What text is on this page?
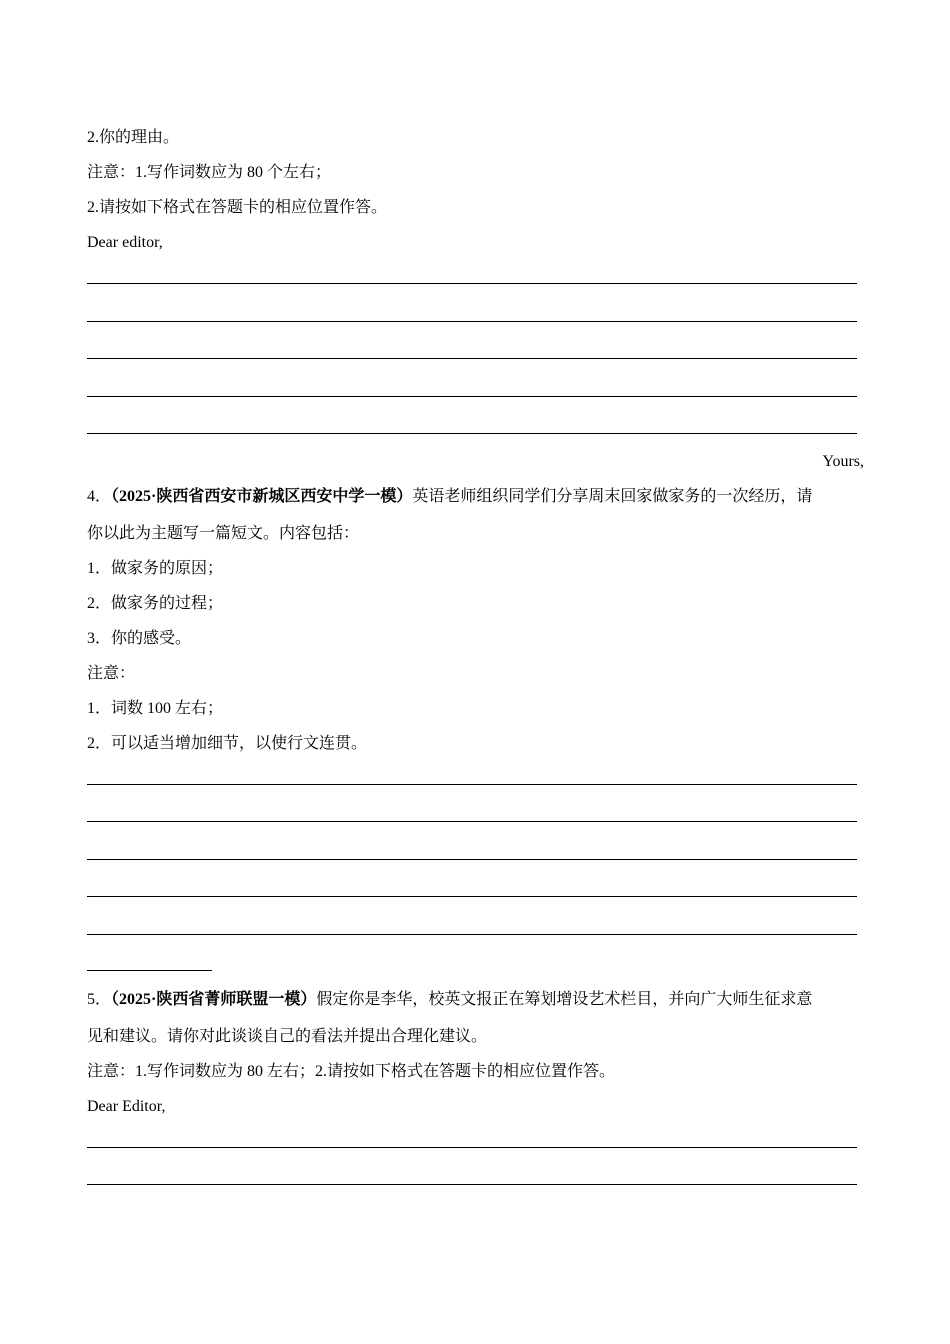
2.你的理由。
注意：1.写作词数应为 80 个左右；
2.请按如下格式在答题卡的相应位置作答。
Dear editor,
Yours,
4．（2025·陕西省西安市新城区西安中学一模）英语老师组织同学们分享周末回家做家务的一次经历，请
你以此为主题写一篇短文。内容包括：
1．做家务的原因；
2．做家务的过程；
3．你的感受。
注意：
1．词数 100 左右；
2．可以适当增加细节，以使行文连贯。
5．（2025·陕西省菁师联盟一模）假定你是李华，校英文报正在筹划增设艺术栏目，并向广大师生征求意
见和建议。请你对此谈谈自己的看法并提出合理化建议。
注意：1.写作词数应为 80 左右；2.请按如下格式在答题卡的相应位置作答。
Dear Editor,
